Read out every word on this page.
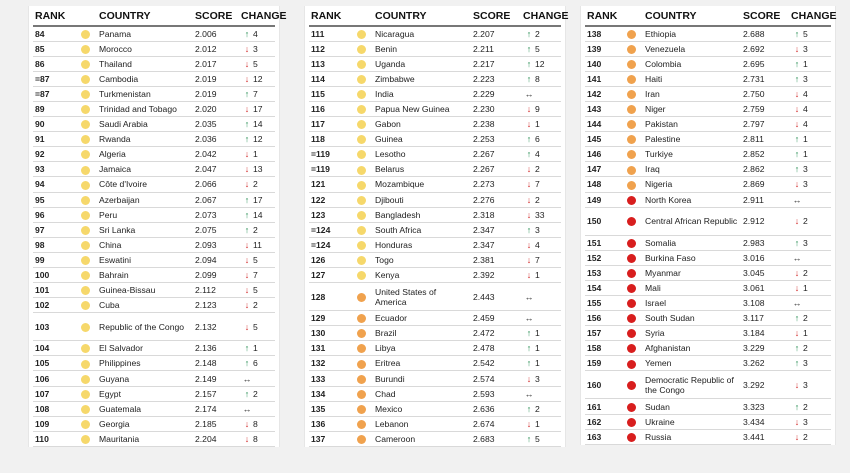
RANK		COUNTRY	SCORE	CHANGE
84		Panama	2.006	↑ 4
85		Morocco	2.012	↓ 3
86		Thailand	2.017	↓ 5
=87		Cambodia	2.019	↓ 12
=87		Turkmenistan	2.019	↑ 7
89		Trinidad and Tobago	2.020	↓ 17
90		Saudi Arabia	2.035	↑ 14
91		Rwanda	2.036	↑ 12
92		Algeria	2.042	↓ 1
93		Jamaica	2.047	↓ 13
94		Côte d'Ivoire	2.066	↓ 2
95		Azerbaijan	2.067	↑ 17
96		Peru	2.073	↑ 14
97		Sri Lanka	2.075	↑ 2
98		China	2.093	↓ 11
99		Eswatini	2.094	↓ 5
100		Bahrain	2.099	↓ 7
101		Guinea-Bissau	2.112	↓ 5
102		Cuba	2.123	↓ 2
103		Republic of the Congo	2.132	↓ 5
104		El Salvador	2.136	↑ 1
105		Philippines	2.148	↑ 6
106		Guyana	2.149	↔
107		Egypt	2.157	↑ 2
108		Guatemala	2.174	↔
109		Georgia	2.185	↓ 8
110		Mauritania	2.204	↓ 8
RANK		COUNTRY	SCORE	CHANGE
111		Nicaragua	2.207	↑ 2
112		Benin	2.211	↑ 5
113		Uganda	2.217	↑ 12
114		Zimbabwe	2.223	↑ 8
115		India	2.229	↔
116		Papua New Guinea	2.230	↓ 9
117		Gabon	2.238	↓ 1
118		Guinea	2.253	↑ 6
=119		Lesotho	2.267	↑ 4
=119		Belarus	2.267	↓ 2
121		Mozambique	2.273	↓ 7
122		Djibouti	2.276	↓ 2
123		Bangladesh	2.318	↓ 33
=124		South Africa	2.347	↑ 3
=124		Honduras	2.347	↓ 4
126		Togo	2.381	↓ 7
127		Kenya	2.392	↓ 1
128		United States of America	2.443	↔
129		Ecuador	2.459	↔
130		Brazil	2.472	↑ 1
131		Libya	2.478	↑ 1
132		Eritrea	2.542	↑ 1
133		Burundi	2.574	↓ 3
134		Chad	2.593	↔
135		Mexico	2.636	↑ 2
136		Lebanon	2.674	↓ 1
137		Cameroon	2.683	↑ 5
RANK		COUNTRY	SCORE	CHANGE
138		Ethiopia	2.688	↑ 5
139		Venezuela	2.692	↓ 3
140		Colombia	2.695	↑ 1
141		Haiti	2.731	↑ 3
142		Iran	2.750	↓ 4
143		Niger	2.759	↓ 4
144		Pakistan	2.797	↓ 4
145		Palestine	2.811	↑ 1
146		Turkiye	2.852	↑ 1
147		Iraq	2.862	↑ 3
148		Nigeria	2.869	↓ 3
149		North Korea	2.911	↔
150		Central African Republic	2.912	↓ 2
151		Somalia	2.983	↑ 3
152		Burkina Faso	3.016	↔
153		Myanmar	3.045	↓ 2
154		Mali	3.061	↓ 1
155		Israel	3.108	↔
156		South Sudan	3.117	↑ 2
157		Syria	3.184	↓ 1
158		Afghanistan	3.229	↑ 2
159		Yemen	3.262	↑ 3
160		Democratic Republic of the Congo	3.292	↓ 3
161		Sudan	3.323	↑ 2
162		Ukraine	3.434	↓ 3
163		Russia	3.441	↓ 2
